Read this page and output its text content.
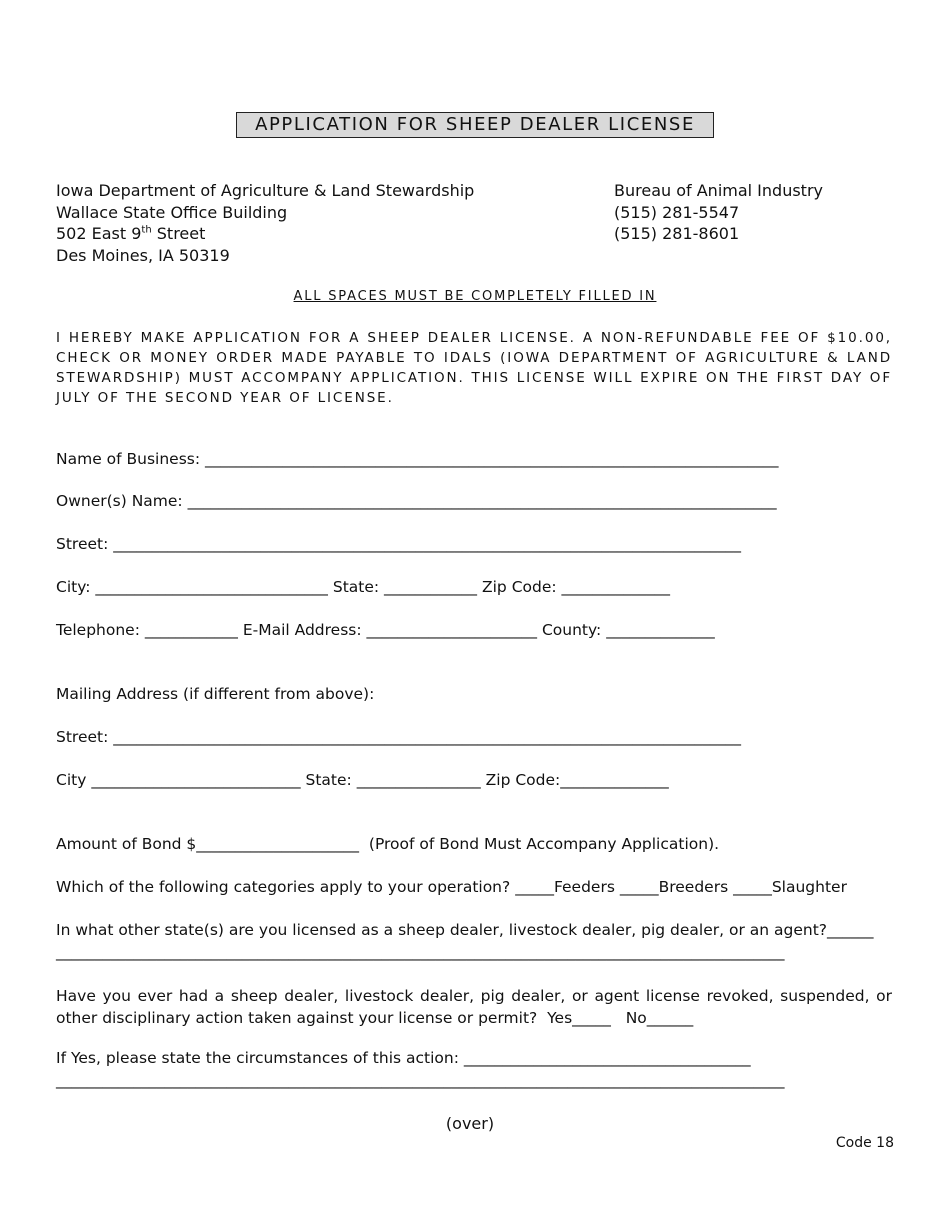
APPLICATION FOR SHEEP DEALER LICENSE
Iowa Department of Agriculture & Land Stewardship
Wallace State Office Building
502 East 9th Street
Des Moines, IA 50319
Bureau of Animal Industry
(515) 281-5547
(515) 281-8601
ALL SPACES MUST BE COMPLETELY FILLED IN
I HEREBY MAKE APPLICATION FOR A SHEEP DEALER LICENSE. A NON-REFUNDABLE FEE OF $10.00, CHECK OR MONEY ORDER MADE PAYABLE TO IDALS (IOWA DEPARTMENT OF AGRICULTURE & LAND STEWARDSHIP) MUST ACCOMPANY APPLICATION. THIS LICENSE WILL EXPIRE ON THE FIRST DAY OF JULY OF THE SECOND YEAR OF LICENSE.
Name of Business: __________________________________________________________________________
Owner(s) Name: ____________________________________________________________________________
Street: _________________________________________________________________________________
City: ______________________________ State: ____________ Zip Code: ______________
Telephone: ____________ E-Mail Address: ______________________ County: ______________
Mailing Address (if different from above):
Street: _________________________________________________________________________________
City ___________________________ State: ________________ Zip Code:______________
Amount of Bond $_____________________ (Proof of Bond Must Accompany Application).
Which of the following categories apply to your operation? _____Feeders _____Breeders _____Slaughter
In what other state(s) are you licensed as a sheep dealer, livestock dealer, pig dealer, or an agent?______
______________________________________________________________________________________________
Have you ever had a sheep dealer, livestock dealer, pig dealer, or agent license revoked, suspended, or other disciplinary action taken against your license or permit? Yes_____ No______
If Yes, please state the circumstances of this action: _____________________________________
______________________________________________________________________________________________
(over)
Code 18
